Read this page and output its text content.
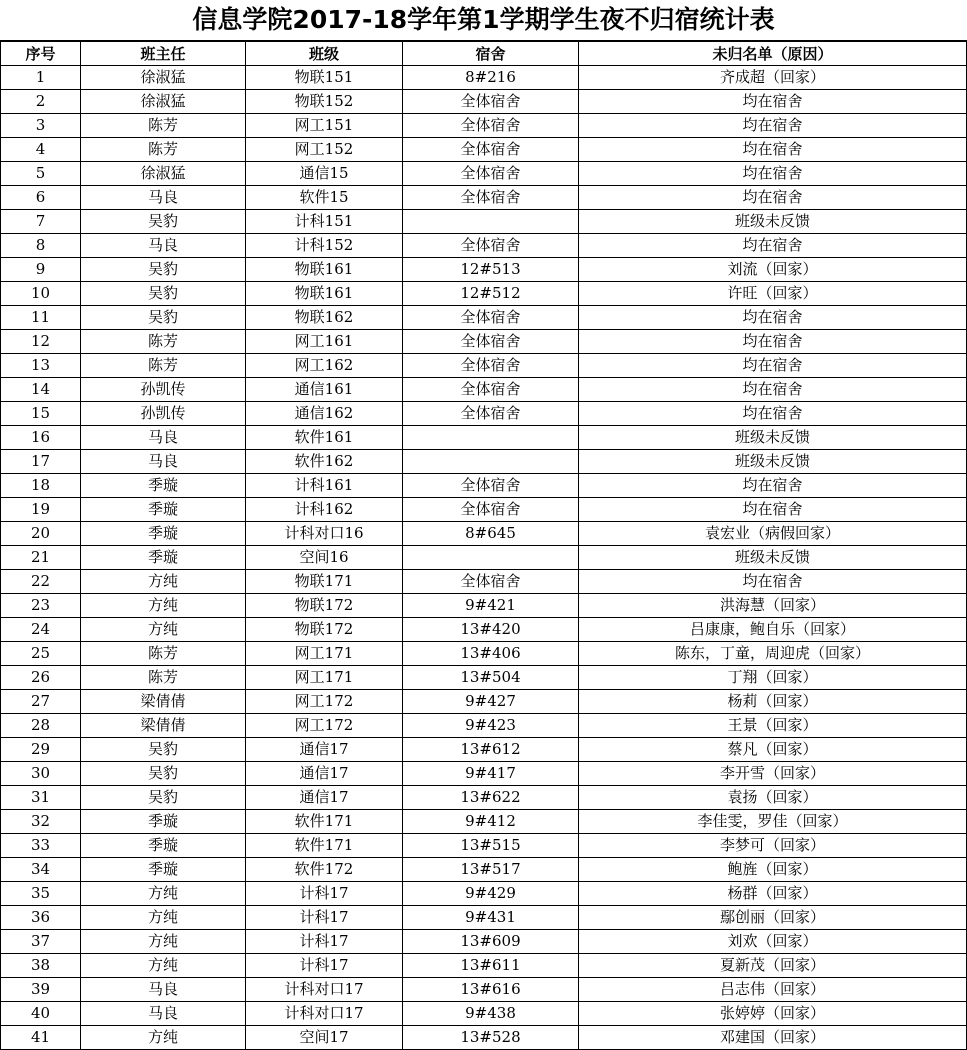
信息学院2017-18学年第1学期学生夜不归宿统计表
序号	班主任	班级	宿舍	未归名单（原因）
1	徐淑猛	物联151	8#216	齐成超（回家）
2	徐淑猛	物联152	全体宿舍	均在宿舍
3	陈芳	网工151	全体宿舍	均在宿舍
4	陈芳	网工152	全体宿舍	均在宿舍
5	徐淑猛	通信15	全体宿舍	均在宿舍
6	马良	软件15	全体宿舍	均在宿舍
7	吴豹	计科151		班级未反馈
8	马良	计科152	全体宿舍	均在宿舍
9	吴豹	物联161	12#513	刘流（回家）
10	吴豹	物联161	12#512	许旺（回家）
11	吴豹	物联162	全体宿舍	均在宿舍
12	陈芳	网工161	全体宿舍	均在宿舍
13	陈芳	网工162	全体宿舍	均在宿舍
14	孙凯传	通信161	全体宿舍	均在宿舍
15	孙凯传	通信162	全体宿舍	均在宿舍
16	马良	软件161		班级未反馈
17	马良	软件162		班级未反馈
18	季璇	计科161	全体宿舍	均在宿舍
19	季璇	计科162	全体宿舍	均在宿舍
20	季璇	计科对口16	8#645	袁宏业（病假回家）
21	季璇	空间16		班级未反馈
22	方纯	物联171	全体宿舍	均在宿舍
23	方纯	物联172	9#421	洪海慧（回家）
24	方纯	物联172	13#420	吕康康，鲍自乐（回家）
25	陈芳	网工171	13#406	陈东，丁童，周迎虎（回家）
26	陈芳	网工171	13#504	丁翔（回家）
27	梁倩倩	网工172	9#427	杨莉（回家）
28	梁倩倩	网工172	9#423	王景（回家）
29	吴豹	通信17	13#612	蔡凡（回家）
30	吴豹	通信17	9#417	李开雪（回家）
31	吴豹	通信17	13#622	袁扬（回家）
32	季璇	软件171	9#412	李佳雯，罗佳（回家）
33	季璇	软件171	13#515	李梦可（回家）
34	季璇	软件172	13#517	鲍旌（回家）
35	方纯	计科17	9#429	杨群（回家）
36	方纯	计科17	9#431	鄢创丽（回家）
37	方纯	计科17	13#609	刘欢（回家）
38	方纯	计科17	13#611	夏新茂（回家）
39	马良	计科对口17	13#616	吕志伟（回家）
40	马良	计科对口17	9#438	张婷婷（回家）
41	方纯	空间17	13#528	邓建国（回家）
